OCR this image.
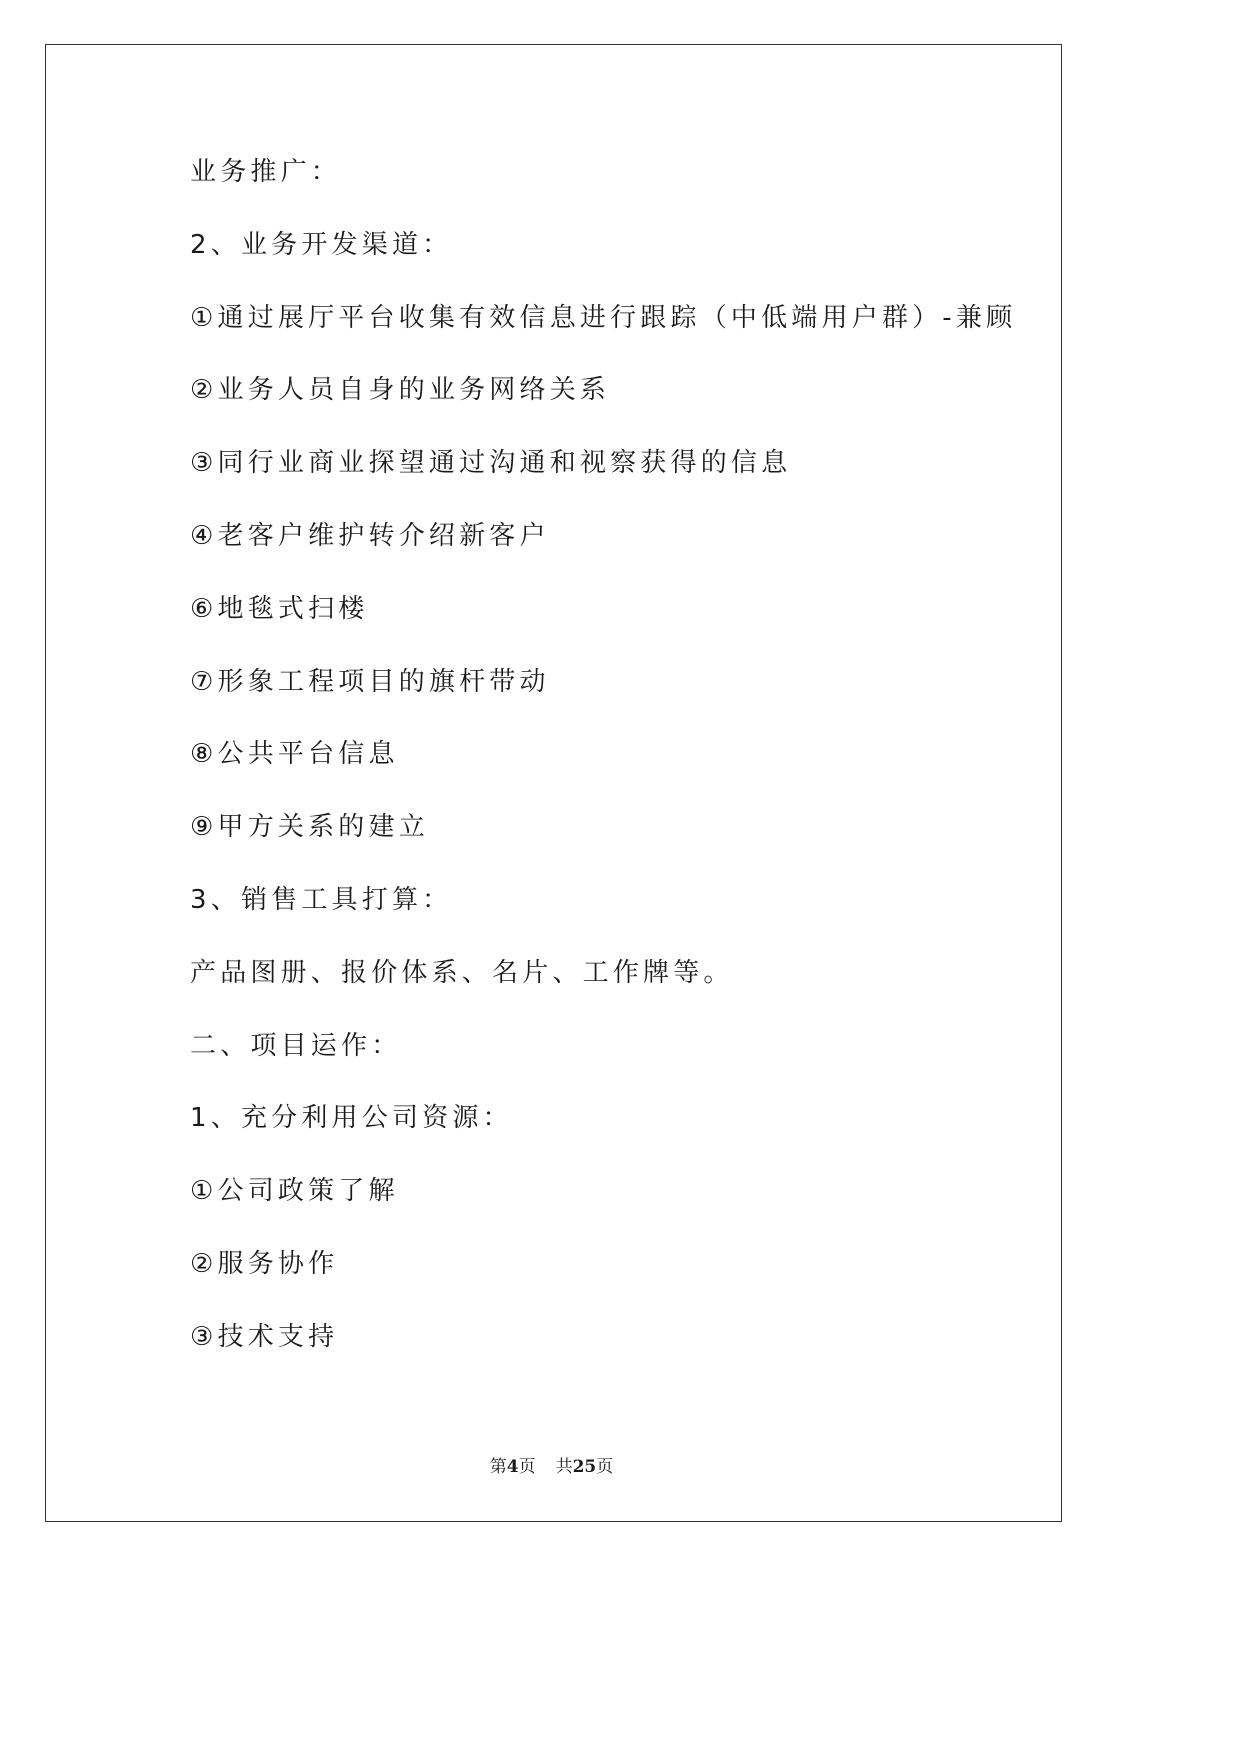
业务推广：
2、业务开发渠道：
①通过展厅平台收集有效信息进行跟踪（中低端用户群）-兼顾
②业务人员自身的业务网络关系
③同行业商业探望通过沟通和视察获得的信息
④老客户维护转介绍新客户
⑥地毯式扫楼
⑦形象工程项目的旗杆带动
⑧公共平台信息
⑨甲方关系的建立
3、销售工具打算：
产品图册、报价体系、名片、工作牌等。
二、项目运作：
1、充分利用公司资源：
①公司政策了解
②服务协作
③技术支持
第4页 共25页
